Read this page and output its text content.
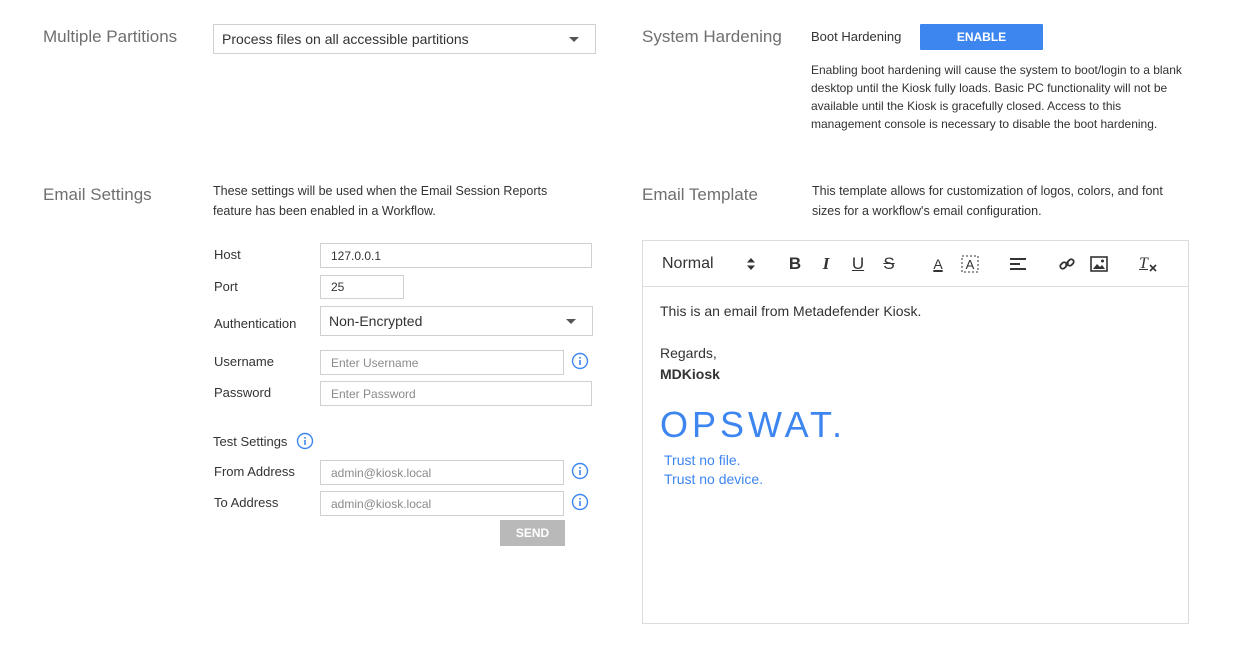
Multiple Partitions	Process files on all accessible partitions	System Hardening Boot Hardening	ENABLE
Enabling boot hardening will cause the system to boot/login to a blank
desktop until the Kiosk fully loads. Basic PC functionality will not be
available until the Kiosk is gracefully closed. Access to this
management console is necessary to disable the boot hardening.
Email Settings	These settings will be used when the Email Session Reports
feature has been enabled in a Workflow.
Host	127.0.0.1
Port	25
Authentication Non-Encrypted
Username	Enter Username
Password	Enter Password
Test Settings
From Address	admin@kiosk.local
To Address	admin@kiosk.local
SEND
Email Template	This template allows for customization of logos, colors, and font
sizes for a workflow's email configuration.
Normal	B	I	U S	A	A	T

This is an email from Metadefender Kiosk.

Regards,

MDKiosk

OPSWAT.
Trust no file.
Trust no device.
